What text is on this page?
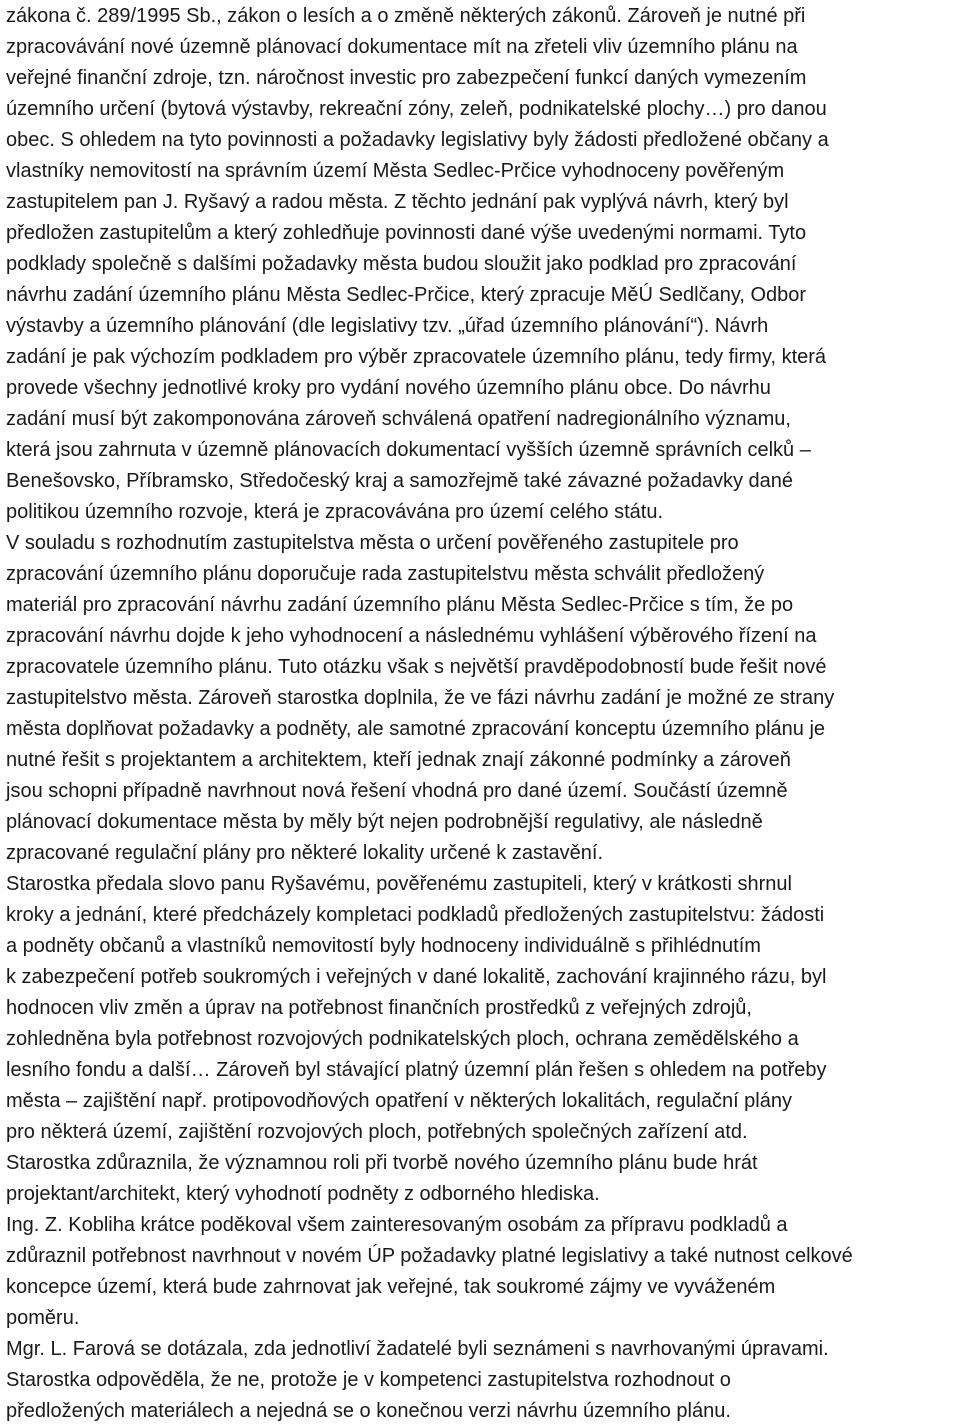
zákona č. 289/1995 Sb., zákon o lesích a o změně některých zákonů. Zároveň je nutné při
zpracovávání nové územně plánovací dokumentace mít na zřeteli vliv územního plánu na
veřejné finanční zdroje, tzn. náročnost investic pro zabezpečení funkcí daných vymezením
územního určení (bytová výstavby, rekreační zóny, zeleň, podnikatelské plochy…) pro danou
obec. S ohledem na tyto povinnosti a požadavky legislativy byly žádosti předložené občany a
vlastníky nemovitostí na správním území Města Sedlec-Prčice vyhodnoceny pověřeným
zastupitelem pan J. Ryšavý a radou města. Z těchto jednání pak vyplývá návrh, který byl
předložen zastupitelům a který zohledňuje povinnosti dané výše uvedenými normami. Tyto
podklady společně s dalšími požadavky města budou sloužit jako podklad pro zpracování
návrhu zadání územního plánu Města Sedlec-Prčice, který zpracuje MěÚ Sedlčany, Odbor
výstavby a územního plánování (dle legislativy tzv. „úřad územního plánování“). Návrh
zadání je pak výchozím podkladem pro výběr zpracovatele územního plánu, tedy firmy, která
provede všechny jednotlivé kroky pro vydání nového územního plánu obce. Do návrhu
zadání musí být zakomponována zároveň schválená opatření nadregionálního významu,
která jsou zahrnuta v územně plánovacích dokumentací vyšších územně správních celků –
Benešovsko, Příbramsko, Středočeský kraj a samozřejmě také závazné požadavky dané
politikou územního rozvoje, která je zpracovávána pro území celého státu.
V souladu s rozhodnutím zastupitelstva města o určení pověřeného zastupitele pro
zpracování územního plánu doporučuje rada zastupitelstvu města schválit předložený
materiál pro zpracování návrhu zadání územního plánu Města Sedlec-Prčice s tím, že po
zpracování návrhu dojde k jeho vyhodnocení a následnému vyhlášení výběrového řízení na
zpracovatele územního plánu. Tuto otázku však s největší pravděpodobností bude řešit nové
zastupitelstvo města. Zároveň starostka doplnila, že ve fázi návrhu zadání je možné ze strany
města doplňovat požadavky a podněty, ale samotné zpracování konceptu územního plánu je
nutné řešit s projektantem a architektem, kteří jednak znají zákonné podmínky a zároveň
jsou schopni případně navrhnout nová řešení vhodná pro dané území. Součástí územně
plánovací dokumentace města by měly být nejen podrobnější regulativy, ale následně
zpracované regulační plány pro některé lokality určené k zastavění.
Starostka předala slovo panu Ryšavému, pověřenému zastupiteli, který v krátkosti shrnul
kroky a jednání, které předcházely kompletaci podkladů předložených zastupitelstvu: žádosti
a podněty občanů a vlastníků nemovitostí byly hodnoceny individuálně s přihlédnutím
k zabezpečení potřeb soukromých i veřejných v dané lokalitě, zachování krajinného rázu, byl
hodnocen vliv změn a úprav na potřebnost finančních prostředků z veřejných zdrojů,
zohledněna byla potřebnost rozvojových podnikatelských ploch, ochrana zemědělského a
lesního fondu a další… Zároveň byl stávající platný územní plán řešen s ohledem na potřeby
města – zajištění např. protipovodňových opatření v některých lokalitách, regulační plány
pro některá území, zajištění rozvojových ploch, potřebných společných zařízení atd.
Starostka zdůraznila, že významnou roli při tvorbě nového územního plánu bude hrát
projektant/architekt, který vyhodnotí podněty z odborného hlediska.
Ing. Z. Kobliha krátce poděkoval všem zainteresovaným osobám za přípravu podkladů a
zdůraznil potřebnost navrhnout v novém ÚP požadavky platné legislativy a také nutnost celkové
koncepce území, která bude zahrnovat jak veřejné, tak soukromé zájmy ve vyváženém
poměru.
Mgr. L. Farová se dotázala, zda jednotliví žadatelé byli seznámeni s navrhovanými úpravami.
Starostka odpověděla, že ne, protože je v kompetenci zastupitelstva rozhodnout o
předložených materiálech a nejedná se o konečnou verzi návrhu územního plánu.
